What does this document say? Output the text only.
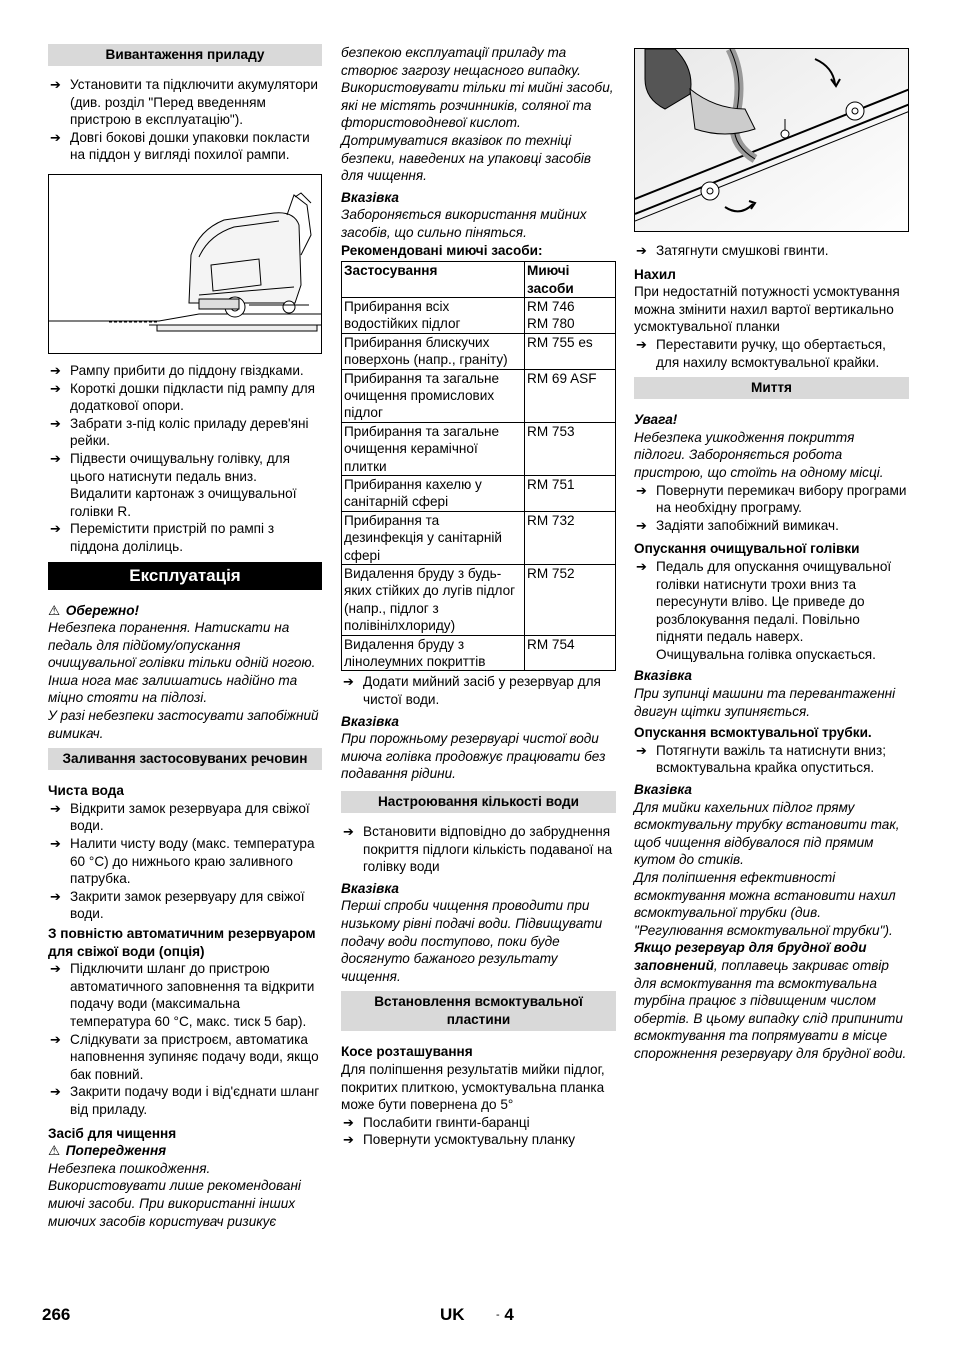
Вивантаження приладу
➔ Установити та підключити акумулятори (див. розділ "Перед введенням пристрою в експлуатацію").
➔ Довгі бокові дошки упаковки покласти на піддон у вигляді похилої рампи.
➔ Рампу прибити до піддону гвіздками.
➔ Короткі дошки підкласти під рампу для додаткової опори.
➔ Забрати з-під коліс приладу дерев'яні рейки.
➔ Підвести очищувальну голівку, для цього натиснути педаль вниз.
Видалити картонаж з очищувальної голівки R.
➔ Перемістити пристрій по рампі з піддона долілиць.
Експлуатація
⚠ Обережно!
Небезпека поранення. Натискати на педаль для підйому/опускання очищувальної голівки тільки одній ногою. Інша нога має залишатись надійно та міцно стояти на підлозі.
У разі небезпеки застосувати запобіжний вимикач.
Заливання застосовуваних речовин
Чиста вода
➔ Відкрити замок резервуара для свіжої води.
➔ Налити чисту воду (макс. температура 60 °C) до нижнього краю заливного патрубка.
➔ Закрити замок резервуару для свіжої води.
З повністю автоматичним резервуаром для свіжої води (опція)
➔ Підключити шланг до пристрою автоматичного заповнення та відкрити подачу води (максимальна температура 60 °C, макс. тиск 5 бар).
➔ Слідкувати за пристроєм, автоматика наповнення зупиняє подачу води, якщо бак повний.
➔ Закрити подачу води і від'єднати шланг від приладу.
Засіб для чищення
⚠ Попередження
Небезпека пошкодження. Використовувати лише рекомендовані миючі засоби. При використанні інших миючих засобів користувач ризикує
безпекою експлуатації приладу та створює загрозу нещасного випадку. Використовувати тільки ті мийні засоби, які не містять розчинників, соляної та фтористоводневої кислот. Дотримуватися вказівок по техніці безпеки, наведених на упаковці засобів для чищення.
Вказівка
Забороняється використання мийних засобів, що сильно піняться.
Рекомендовані миючі засоби:
Застосування	Миючі засоби
Прибирання всіх водостійких підлог	RM 746
RM 780
Прибирання блискучих поверхонь (напр., граніту)	RM 755 es
Прибирання та загальне очищення промислових підлог	RM 69 ASF
Прибирання та загальне очищення керамічної плитки	RM 753
Прибирання кахелю у санітарній сфері	RM 751
Прибирання та дезинфекція у санітарній сфері	RM 732
Видалення бруду з будь-яких стійких до лугів підлог (напр., підлог з полівінілхлориду)	RM 752
Видалення бруду з лінолеумних покриттів	RM 754
➔ Додати мийний засіб у резервуар для чистої води.
Вказівка
При порожньому резервуарі чистої води миюча голівка продовжує працювати без подавання рідини.
Настроювання кількості води
➔ Встановити відповідно до забруднення покриття підлоги кількість подаваної на голівку води
Вказівка
Перші спроби чищення проводити при низькому рівні подачі води. Підвищувати подачу води поступово, поки буде досягнуто бажаного результату чищення.
Встановлення всмоктувальної пластини
Косе розташування
Для поліпшення результатів мийки підлог, покритих плиткою, усмоктувальна планка може бути повернена до 5°
➔ Послабити гвинти-баранці
➔ Повернути усмоктувальну планку
➔ Затягнути смушкові гвинти.
Нахил
При недостатній потужності усмоктування можна змінити нахил вартої вертикально усмоктувальної планки
➔ Переставити ручку, що обертається, для нахилу всмоктувальної крайки.
Миття
Увага!
Небезпека ушкодження покриття підлоги. Забороняється робота пристрою, що стоїть на одному місці.
➔ Повернути перемикач вибору програми на необхідну програму.
➔ Задіяти запобіжний вимикач.
Опускання очищувальної голівки
➔ Педаль для опускання очищувальної голівки натиснути трохи вниз та пересунути вліво. Це приведе до розблокування педалі. Повільно підняти педаль наверх.
Очищувальна голівка опускається.
Вказівка
При зупинці машини та перевантаженні двигун щітки зупиняється.
Опускання всмоктувальної трубки.
➔ Потягнути важіль та натиснути вниз; всмоктувальна крайка опуститься.
Вказівка
Для мийки кахельних підлог пряму всмоктувальну трубку встановити так, щоб чищення відбувалося під прямим кутом до стиків.
Для поліпшення ефективності всмоктування можна встановити нахил всмоктувальної трубки (див. "Регулювання всмоктувальної трубки").
Якщо резервуар для брудної води заповнений, поплавець закриває отвір для всмоктування та всмоктувальна турбіна працює з підвищеним числом обертів. В цьому випадку слід припинити всмоктування та попрямувати в місце спорожнення резервуару для брудної води.
266	UK	- 4
